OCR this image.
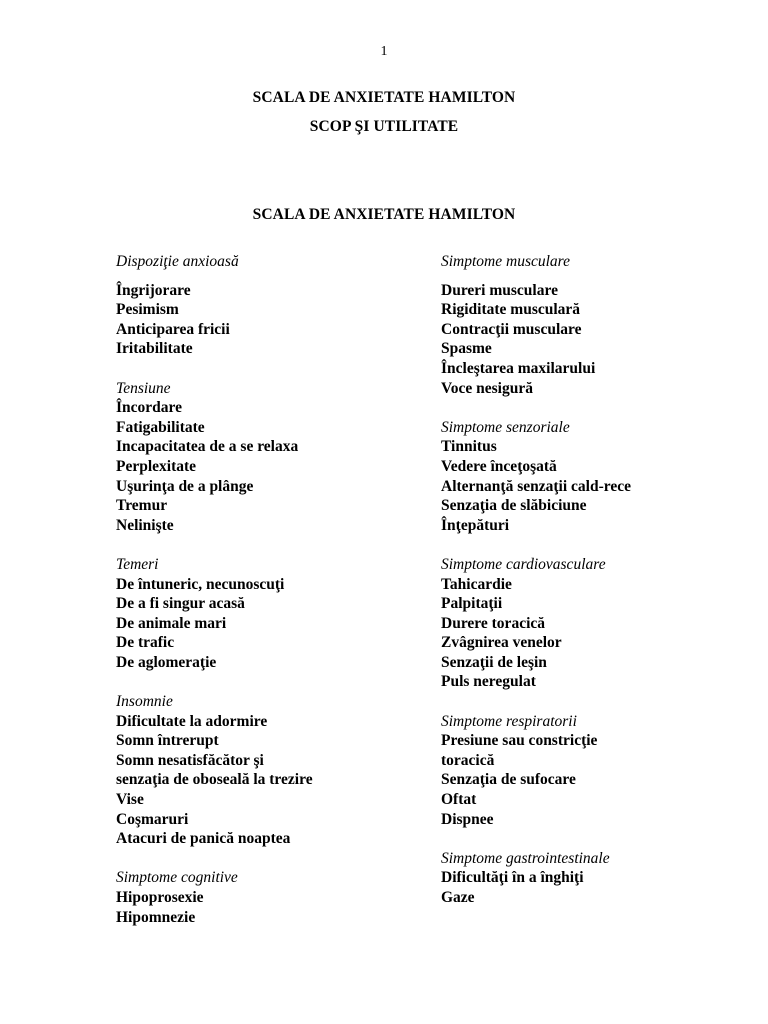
1
SCALA DE ANXIETATE HAMILTON
SCOP ŞI UTILITATE
SCALA DE ANXIETATE HAMILTON
Dispoziţie anxioasă
Îngrijorare
Pesimism
Anticiparea fricii
Iritabilitate
Tensiune
Încordare
Fatigabilitate
Incapacitatea de a se relaxa
Perplexitate
Uşurinţa de a plânge
Tremur
Nelinişte
Temeri
De întuneric, necunoscuţi
De a fi singur acasă
De animale mari
De trafic
De aglomeraţie
Insomnie
Dificultate la adormire
Somn întrerupt
Somn nesatisfăcător şi
senzaţia de oboseală la trezire
Vise
Coşmaruri
Atacuri de panică noaptea
Simptome cognitive
Hipoprosexie
Hipomnezie
Simptome musculare
Dureri musculare
Rigiditate musculară
Contracţii musculare
Spasme
Încleştarea maxilarului
Voce nesigură
Simptome senzoriale
Tinnitus
Vedere înceţoşată
Alternanţă senzaţii cald-rece
Senzaţia de slăbiciune
Înţepături
Simptome cardiovasculare
Tahicardie
Palpitaţii
Durere toracică
Zvâgnirea venelor
Senzaţii de leşin
Puls neregulat
Simptome respiratorii
Presiune sau constricţie
toracică
Senzaţia de sufocare
Oftat
Dispnee
Simptome gastrointestinale
Dificultăţi în a înghiţi
Gaze
